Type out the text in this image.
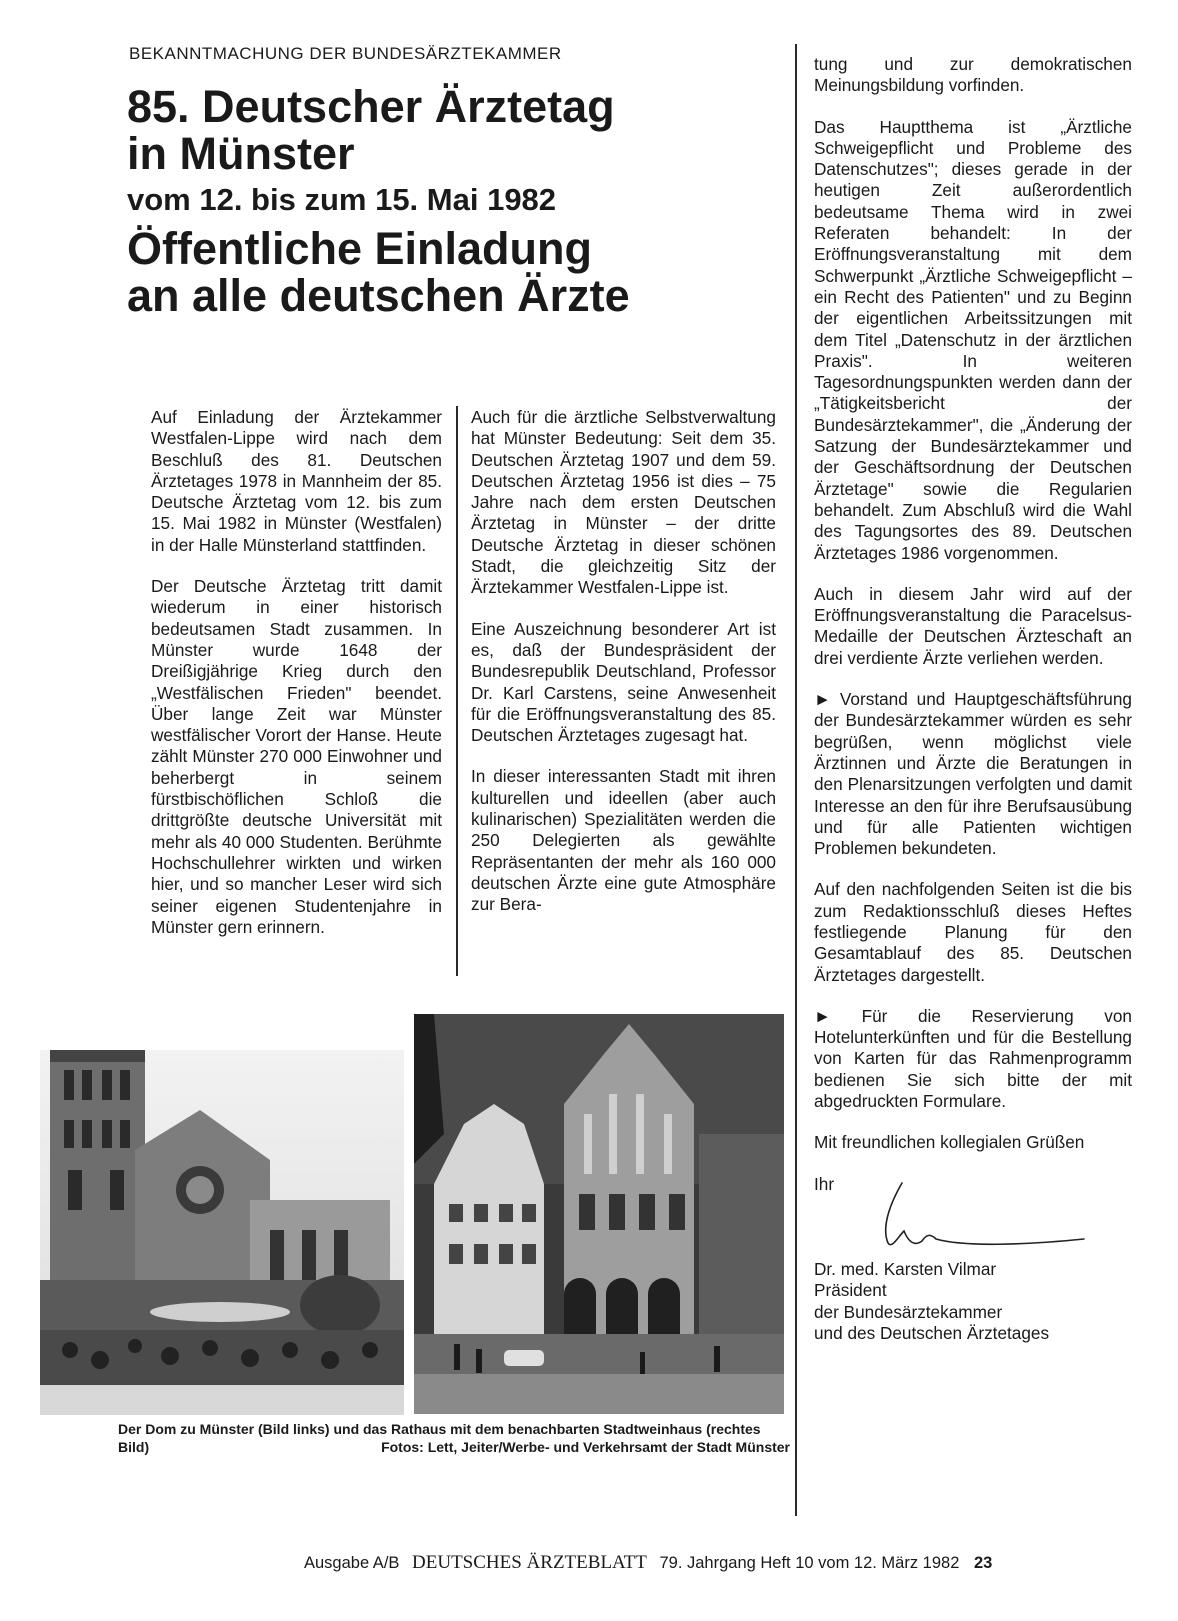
BEKANNTMACHUNG DER BUNDESÄRZTEKAMMER
85. Deutscher Ärztetag
in Münster
vom 12. bis zum 15. Mai 1982
Öffentliche Einladung
an alle deutschen Ärzte

Auf Einladung der Ärztekammer Westfalen-Lippe wird nach dem Beschluß des 81. Deutschen Ärztetages 1978 in Mannheim der 85. Deutsche Ärztetag vom 12. bis zum 15. Mai 1982 in Münster (Westfalen) in der Halle Münsterland stattfinden.

Der Deutsche Ärztetag tritt damit wiederum in einer historisch bedeutsamen Stadt zusammen. In Münster wurde 1648 der Dreißigjährige Krieg durch den „Westfälischen Frieden" beendet. Über lange Zeit war Münster westfälischer Vorort der Hanse. Heute zählt Münster 270 000 Einwohner und beherbergt in seinem fürstbischöflichen Schloß die drittgrößte deutsche Universität mit mehr als 40 000 Studenten. Berühmte Hochschullehrer wirkten und wirken hier, und so mancher Leser wird sich seiner eigenen Studentenjahre in Münster gern erinnern.

Auch für die ärztliche Selbstverwaltung hat Münster Bedeutung: Seit dem 35. Deutschen Ärztetag 1907 und dem 59. Deutschen Ärztetag 1956 ist dies – 75 Jahre nach dem ersten Deutschen Ärztetag in Münster – der dritte Deutsche Ärztetag in dieser schönen Stadt, die gleichzeitig Sitz der Ärztekammer Westfalen-Lippe ist.

Eine Auszeichnung besonderer Art ist es, daß der Bundespräsident der Bundesrepublik Deutschland, Professor Dr. Karl Carstens, seine Anwesenheit für die Eröffnungsveranstaltung des 85. Deutschen Ärztetages zugesagt hat.

In dieser interessanten Stadt mit ihren kulturellen und ideellen (aber auch kulinarischen) Spezialitäten werden die 250 Delegierten als gewählte Repräsentanten der mehr als 160 000 deutschen Ärzte eine gute Atmosphäre zur Bera-

tung und zur demokratischen Meinungsbildung vorfinden.

Das Hauptthema ist „Ärztliche Schweigepflicht und Probleme des Datenschutzes"; dieses gerade in der heutigen Zeit außerordentlich bedeutsame Thema wird in zwei Referaten behandelt: In der Eröffnungsveranstaltung mit dem Schwerpunkt „Ärztliche Schweigepflicht – ein Recht des Patienten" und zu Beginn der eigentlichen Arbeitssitzungen mit dem Titel „Datenschutz in der ärztlichen Praxis". In weiteren Tagesordnungspunkten werden dann der „Tätigkeitsbericht der Bundesärztekammer", die „Änderung der Satzung der Bundesärztekammer und der Geschäftsordnung der Deutschen Ärztetage" sowie die Regularien behandelt. Zum Abschluß wird die Wahl des Tagungsortes des 89. Deutschen Ärztetages 1986 vorgenommen.

Auch in diesem Jahr wird auf der Eröffnungsveranstaltung die Paracelsus-Medaille der Deutschen Ärzteschaft an drei verdiente Ärzte verliehen werden.

► Vorstand und Hauptgeschäftsführung der Bundesärztekammer würden es sehr begrüßen, wenn möglichst viele Ärztinnen und Ärzte die Beratungen in den Plenarsitzungen verfolgten und damit Interesse an den für ihre Berufsausübung und für alle Patienten wichtigen Problemen bekundeten.

Auf den nachfolgenden Seiten ist die bis zum Redaktionsschluß dieses Heftes festliegende Planung für den Gesamtablauf des 85. Deutschen Ärztetages dargestellt.

► Für die Reservierung von Hotelunterkünften und für die Bestellung von Karten für das Rahmenprogramm bedienen Sie sich bitte der mit abgedruckten Formulare.

Mit freundlichen kollegialen Grüßen

Ihr
Dr. med. Karsten Vilmar
Präsident
der Bundesärztekammer
und des Deutschen Ärztetages
Der Dom zu Münster (Bild links) und das Rathaus mit dem benachbarten Stadtweinhaus (rechtes Bild)	Fotos: Lett, Jeiter/Werbe- und Verkehrsamt der Stadt Münster
Ausgabe A/B DEUTSCHES ÄRZTEBLATT 79. Jahrgang Heft 10 vom 12. März 1982 23
